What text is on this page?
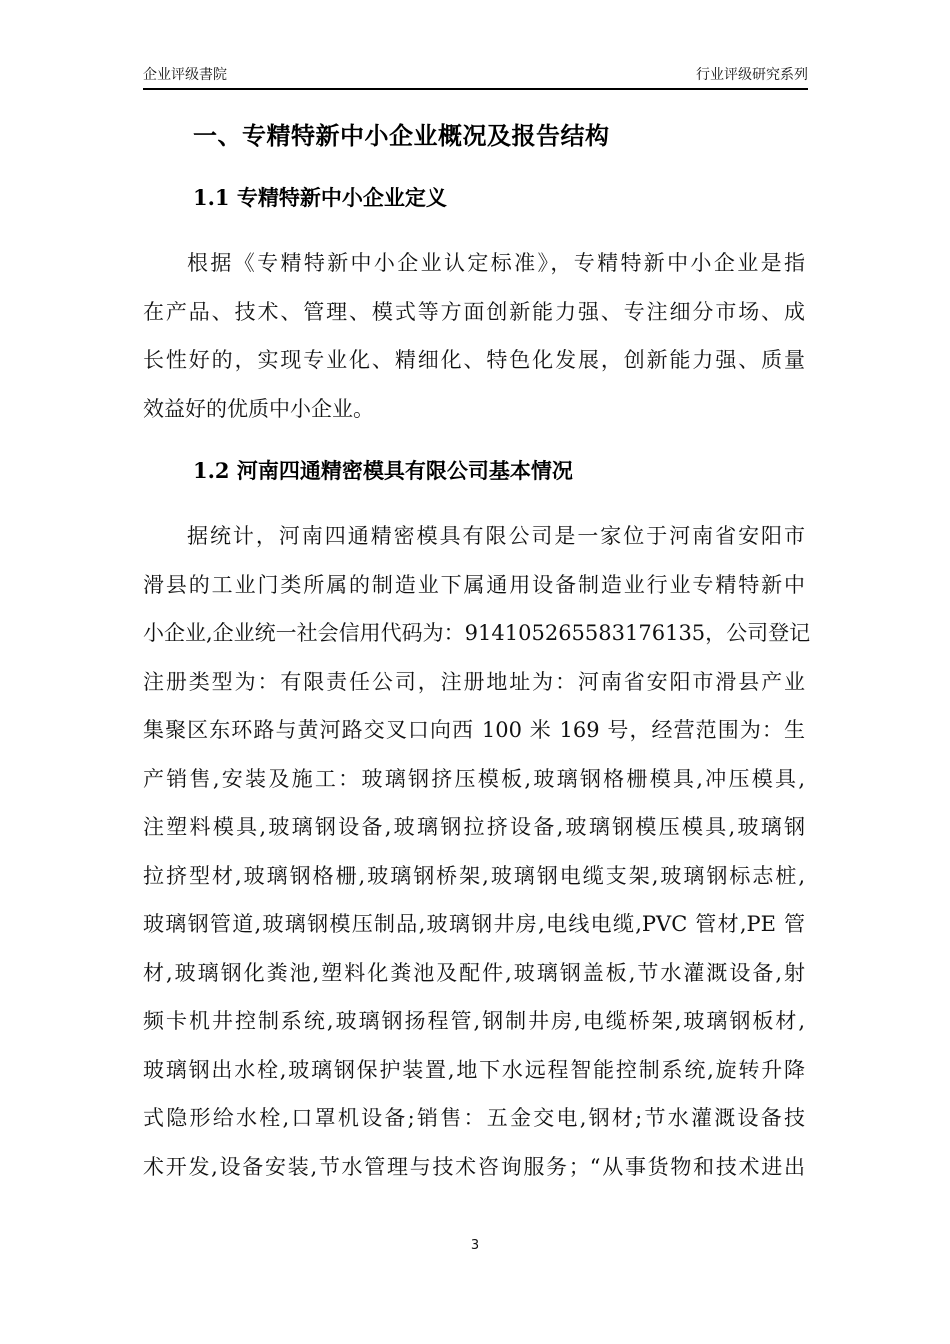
企业评级書院	行业评级研究系列
一、专精特新中小企业概况及报告结构
1.1 专精特新中小企业定义
根据《专精特新中小企业认定标准》，专精特新中小企业是指
在产品、技术、管理、模式等方面创新能力强、专注细分市场、成
长性好的，实现专业化、精细化、特色化发展，创新能力强、质量
效益好的优质中小企业。
1.2 河南四通精密模具有限公司基本情况
据统计，河南四通精密模具有限公司是一家位于河南省安阳市
滑县的工业门类所属的制造业下属通用设备制造业行业专精特新中
小企业,企业统一社会信用代码为：914105265583176135，公司登记
注册类型为：有限责任公司，注册地址为：河南省安阳市滑县产业
集聚区东环路与黄河路交叉口向西 100 米 169 号，经营范围为：生
产销售,安装及施工：玻璃钢挤压模板,玻璃钢格栅模具,冲压模具,
注塑料模具,玻璃钢设备,玻璃钢拉挤设备,玻璃钢模压模具,玻璃钢
拉挤型材,玻璃钢格栅,玻璃钢桥架,玻璃钢电缆支架,玻璃钢标志桩,
玻璃钢管道,玻璃钢模压制品,玻璃钢井房,电线电缆,PVC 管材,PE 管
材,玻璃钢化粪池,塑料化粪池及配件,玻璃钢盖板,节水灌溉设备,射
频卡机井控制系统,玻璃钢扬程管,钢制井房,电缆桥架,玻璃钢板材,
玻璃钢出水栓,玻璃钢保护装置,地下水远程智能控制系统,旋转升降
式隐形给水栓,口罩机设备;销售：五金交电,钢材;节水灌溉设备技
术开发,设备安装,节水管理与技术咨询服务；“从事货物和技术进出
3
